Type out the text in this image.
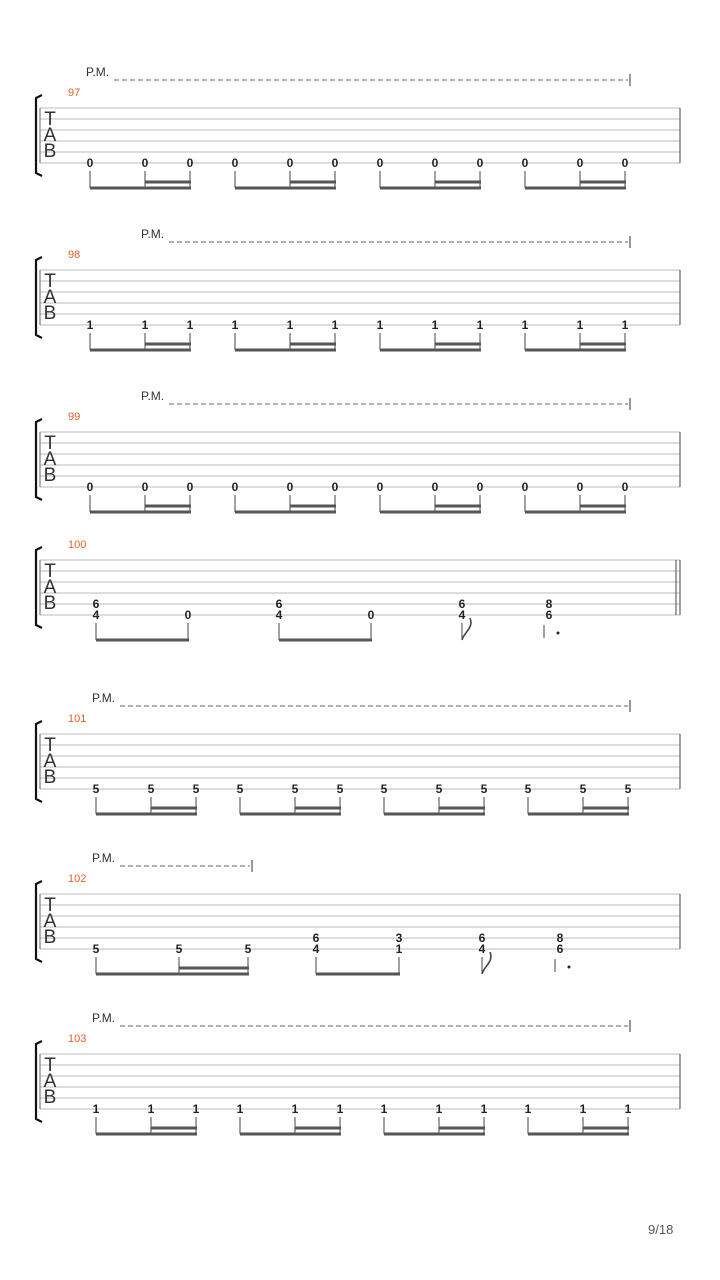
T
A
B
97
P.M.
0	0	0	0	0	0	0	0	0	0	0	0
T
A
B
98
P.M.
1	1	1	1	1	1	1	1	1	1	1	1
T
A
B
99
P.M.
0	0	0	0	0	0	0	0	0	0	0	0
T
A
B
100
6
4	0
6
4	0
6
4
8
6
T
A
B
101
P.M.
5	5	5	5	5	5	5	5	5	5	5	5
T
A
B
102
P.M.
5	5	5
6
4
3
1
6
4
8
6
T
A
B
103
P.M.
1	1	1	1	1	1	1	1	1	1	1	1
9/18
